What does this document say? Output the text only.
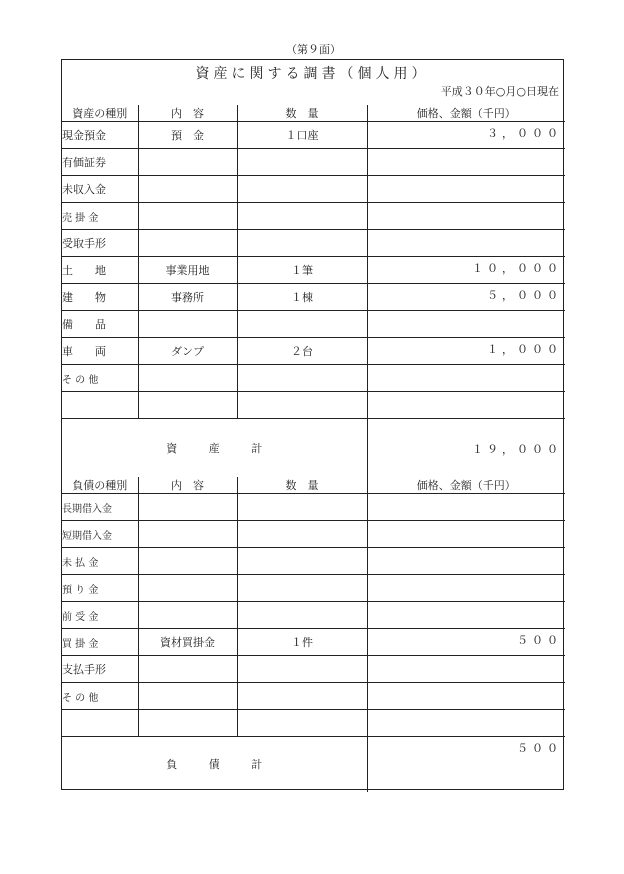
（第９面）
資産に関する調書（個人用）
平成３０年○月○日現在
資産の種別	内　容	数　量	価格、金額（千円）
現金預金	預　金	１口座	３，０００
有価証券			
未収入金			
売 掛 金			
受取手形			
土　　地	事業用地	１筆	１０，０００
建　　物	事務所	１棟	５，０００
備　　品			
車　　両	ダンプ	２台	１，０００
そ の 他			

資 産 計			１９，０００
負債の種別	内　容	数　量	価格、金額（千円）
長期借入金			
短期借入金			
未 払 金			
預 り 金			
前 受 金			
買 掛 金	資材買掛金	１件	５００
支払手形			
そ の 他			

負 債 計			５００
